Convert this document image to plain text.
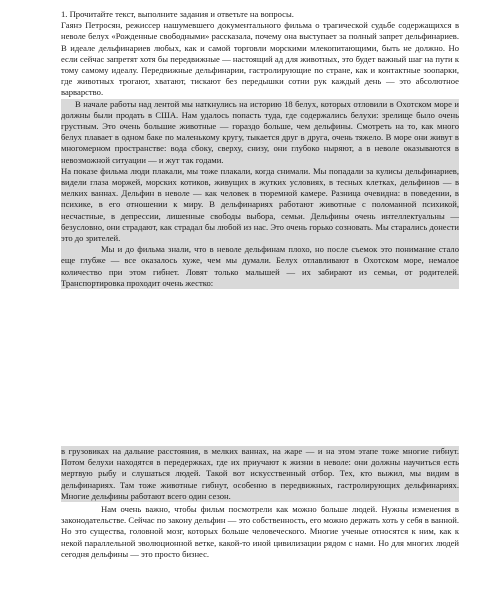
1. Прочитайте текст, выполните задания и ответьте на вопросы.

Гаянэ Петросян, режиссер нашумевшего документального фильма о трагической судьбе содержащихся в неволе белух «Рожденные свободными» рассказала, почему она выступает за полный запрет дельфинариев. В идеале дельфинариев любых, как и самой торговли морскими млекопитающими, быть не должно. Но если сейчас запретят хотя бы передвижные — настоящий ад для животных, это будет важный шаг на пути к тому самому идеалу. Передвижные дельфинарии, гастролирующие по стране, как и контактные зоопарки, где животных трогают, хватают, тискают без передышки сотни рук каждый день — это абсолютное варварство.

В начале работы над лентой мы наткнулись на историю 18 белух, которых отловили в Охотском море и должны были продать в США. Нам удалось попасть туда, где содержались белухи: зрелище было очень грустным. Это очень большие животные — гораздо больше, чем дельфины. Смотреть на то, как много белух плавает в одном баке по маленькому кругу, тыкается друг в друга, очень тяжело. В море они живут в многомерном пространстве: вода сбоку, сверху, снизу, они глубоко ныряют, а в неволе оказываются в невозможной ситуации — и жут так годами.

На показе фильма люди плакали, мы тоже плакали, когда снимали. Мы попадали за кулисы дельфинариев, видели глаза моржей, морских котиков, живущих в жутких условиях, в тесных клетках, дельфинов — в мелких ваннах. Дельфин в неволе — как человек в тюремной камере. Разница очевидна: в поведении, в психике, в его отношении к миру. В дельфинариях работают животные с поломанной психикой, несчастные, в депрессии, лишенные свободы выбора, семьи. Дельфины очень интеллектуальны — безусловно, они страдают, как страдал бы любой из нас. Это очень горько созновать. Мы старались донести это до зрителей.

Мы и до фильма знали, что в неволе дельфинам плохо, но после съемок это понимание стало еще глубже — все оказалось хуже, чем мы думали. Белух отлавливают в Охотском море, немалое количество при этом гибнет. Ловят только малышей — их забирают из семьи, от родителей. Транспортировка проходит очень жестко:

в грузовиках на дальние расстояния, в мелких ваннах, на жаре — и на этом этапе тоже многие гибнут. Потом белухи находятся в передержках, где их приучают к жизни в неволе: они должны научиться есть мертвую рыбу и слушаться людей. Такой вот искусственный отбор. Тех, кто выжил, мы видим в дельфинариях. Там тоже животные гибнут, особенно в передвижных, гастролирующих дельфинариях. Многие дельфины работают всего один сезон.

Нам очень важно, чтобы фильм посмотрели как можно больше людей. Нужны изменения в законодательстве. Сейчас по закону дельфин — это собственность, его можно держать хоть у себя в ванной. Но это существа, головной мозг, которых больше человеческого. Многие ученые относятся к ним, как к некой параллельной эволюционной ветке, какой-то иной цивилизации рядом с нами. Но для многих людей сегодня дельфины — это просто бизнес.
